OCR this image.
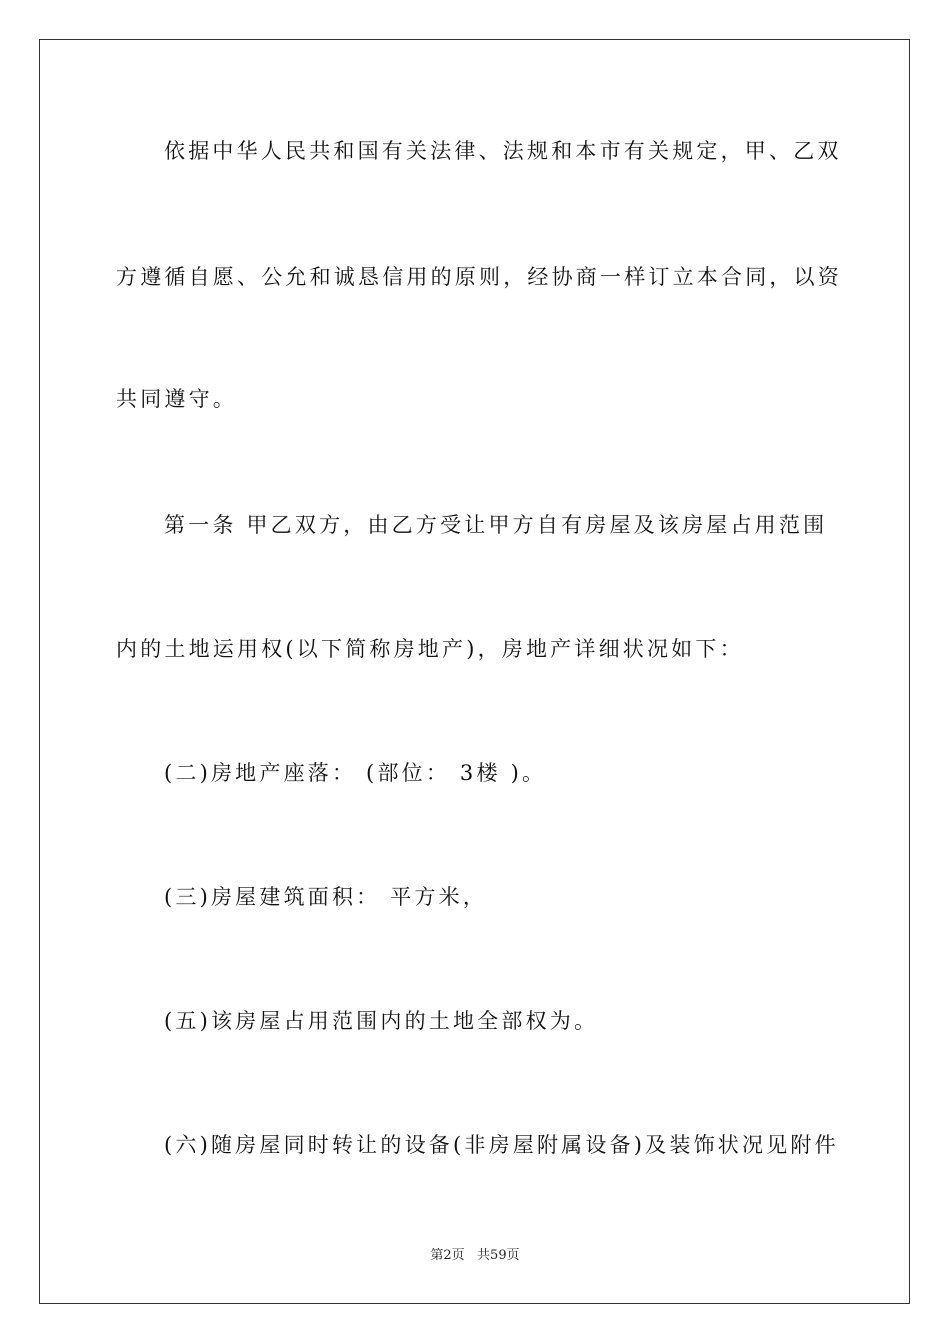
依据中华人民共和国有关法律、法规和本市有关规定，甲、乙双
方遵循自愿、公允和诚恳信用的原则，经协商一样订立本合同，以资
共同遵守。
第一条 甲乙双方，由乙方受让甲方自有房屋及该房屋占用范围
内的土地运用权(以下简称房地产)，房地产详细状况如下：
(二)房地产座落： (部位： 3楼 )。
(三)房屋建筑面积： 平方米，
(五)该房屋占用范围内的土地全部权为。
(六)随房屋同时转让的设备(非房屋附属设备)及装饰状况见附件
第2页   共59页
